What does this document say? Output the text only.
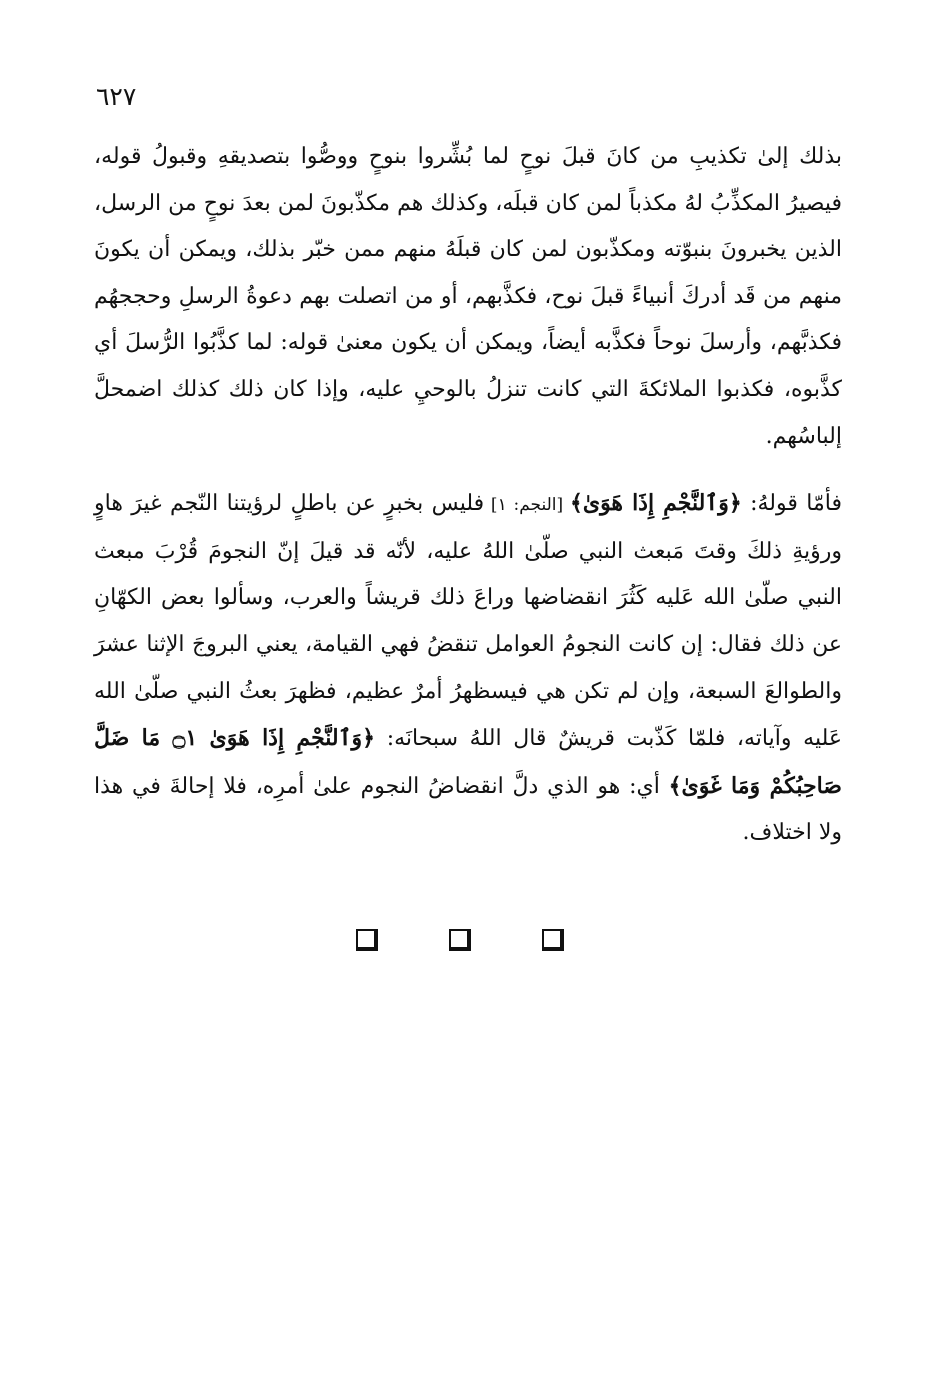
٦٢٧

بذلك إلىٰ تكذيبِ من كانَ قبلَ نوحٍ لما بُشِّروا بنوحٍ ووصُّوا بتصديقهِ وقبولُ قوله، فيصيرُ المكذِّبُ لهُ مكذباً لمن كان قبلَه، وكذلك هم مكذّبونَ لمن بعدَ نوحٍ من الرسل، الذين يخبرونَ بنبوّته ومكذّبون لمن كان قبلَهُ منهم ممن خبّر بذلك، ويمكن أن يكونَ منهم من قَد أدركَ أنبياءً قبلَ نوح، فكذَّبهم، أو من اتصلت بهم دعوةُ الرسلِ وحججهُم فكذبَّهم، وأرسلَ نوحاً فكذَّبه أيضاً، ويمكن أن يكون معنىٰ قوله: لما كذَّبُوا الرُّسلَ أي كذَّبوه، فكذبوا الملائكةَ التي كانت تنزلُ بالوحيِ عليه، وإذا كان ذلك كذلك اضمحلَّ إلباسُهم.

فأمّا قولهُ: ﴿وَٱلنَّجْمِ إِذَا هَوَىٰ﴾ [النجم: ١] فليس بخبرٍ عن باطلٍ لرؤيتنا النّجم غيرَ هاوٍ ورؤيةِ ذلكَ وقتَ مَبعث النبي صلّىٰ اللهُ عليه، لأنّه قد قيلَ إنّ النجومَ قُرْبَ مبعث النبي صلّىٰ الله عَليه كَثُرَ انقضاضها وراعَ ذلك قريشاً والعرب، وسألوا بعض الكهّانِ عن ذلك فقال: إن كانت النجومُ العوامل تنقضُ فهي القيامة، يعني البروجَ الإثنا عشرَ والطوالعَ السبعة، وإن لم تكن هي فيسظهرُ أمرٌ عظيم، فظهرَ بعثُ النبي صلّىٰ الله عَليه وآياته، فلمّا كَذّبت قريشٌ قال اللهُ سبحانَه: ﴿وَٱلنَّجْمِ إِذَا هَوَىٰ ۝١ مَا ضَلَّ صَاحِبُكُمْ وَمَا غَوَىٰ﴾ أي: هو الذي دلَّ انقضاضُ النجوم علىٰ أمرِه، فلا إحالةَ في هذا ولا اختلاف.
